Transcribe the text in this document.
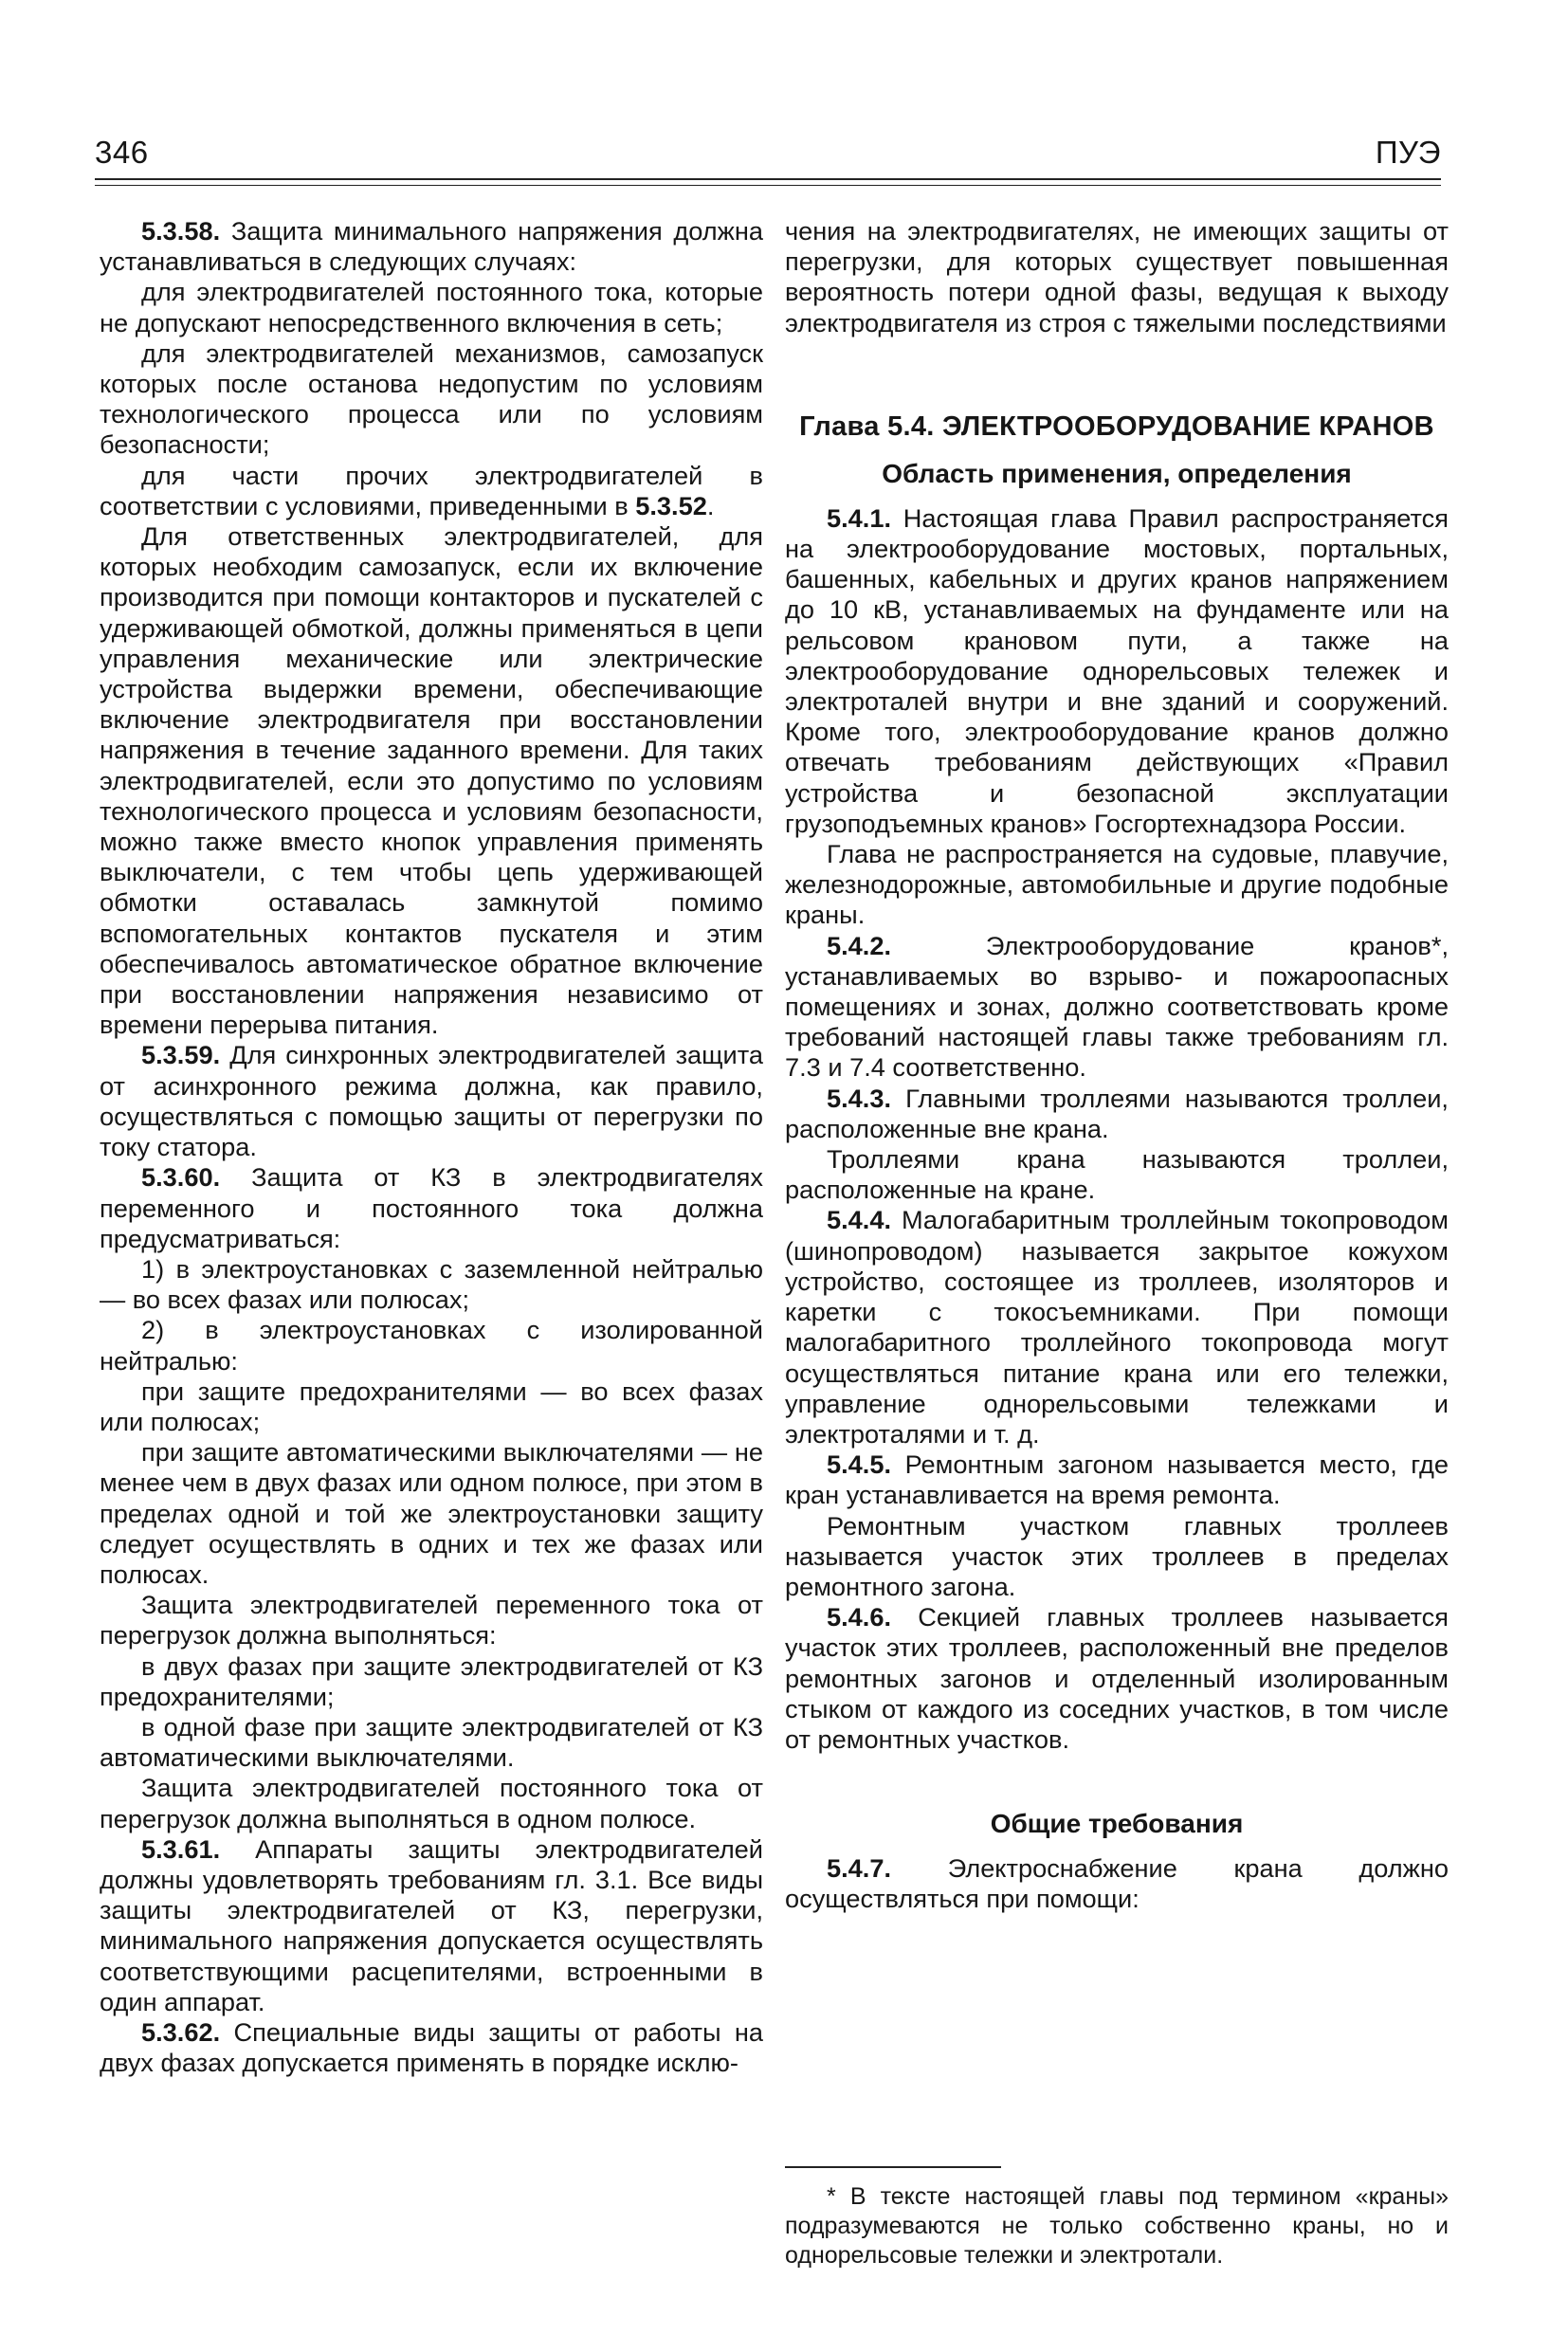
346	ПУЭ

5.3.58. Защита минимального напряжения должна устанавливаться в следующих случаях:

для электродвигателей постоянного тока, которые не допускают непосредственного включения в сеть;

для электродвигателей механизмов, самозапуск которых после останова недопустим по условиям технологического процесса или по условиям безопасности;

для части прочих электродвигателей в соответствии с условиями, приведенными в 5.3.52.

Для ответственных электродвигателей, для которых необходим самозапуск, если их включение производится при помощи контакторов и пускателей с удерживающей обмоткой, должны применяться в цепи управления механические или электрические устройства выдержки времени, обеспечивающие включение электродвигателя при восстановлении напряжения в течение заданного времени. Для таких электродвигателей, если это допустимо по условиям технологического процесса и условиям безопасности, можно также вместо кнопок управления применять выключатели, с тем чтобы цепь удерживающей обмотки оставалась замкнутой помимо вспомогательных контактов пускателя и этим обеспечивалось автоматическое обратное включение при восстановлении напряжения независимо от времени перерыва питания.

5.3.59. Для синхронных электродвигателей защита от асинхронного режима должна, как правило, осуществляться с помощью защиты от перегрузки по току статора.

5.3.60. Защита от КЗ в электродвигателях переменного и постоянного тока должна предусматриваться:

1) в электроустановках с заземленной нейтралью — во всех фазах или полюсах;

2) в электроустановках с изолированной нейтралью:

при защите предохранителями — во всех фазах или полюсах;

при защите автоматическими выключателями — не менее чем в двух фазах или одном полюсе, при этом в пределах одной и той же электроустановки защиту следует осуществлять в одних и тех же фазах или полюсах.

Защита электродвигателей переменного тока от перегрузок должна выполняться:

в двух фазах при защите электродвигателей от КЗ предохранителями;

в одной фазе при защите электродвигателей от КЗ автоматическими выключателями.

Защита электродвигателей постоянного тока от перегрузок должна выполняться в одном полюсе.

5.3.61. Аппараты защиты электродвигателей должны удовлетворять требованиям гл. 3.1. Все виды защиты электродвигателей от КЗ, перегрузки, минимального напряжения допускается осуществлять соответствующими расцепителями, встроенными в один аппарат.

5.3.62. Специальные виды защиты от работы на двух фазах допускается применять в порядке исклю-

чения на электродвигателях, не имеющих защиты от перегрузки, для которых существует повышенная вероятность потери одной фазы, ведущая к выходу электродвигателя из строя с тяжелыми последствиями

Глава 5.4. ЭЛЕКТРООБОРУДОВАНИЕ КРАНОВ
Область применения, определения

5.4.1. Настоящая глава Правил распространяется на электрооборудование мостовых, портальных, башенных, кабельных и других кранов напряжением до 10 кВ, устанавливаемых на фундаменте или на рельсовом крановом пути, а также на электрооборудование однорельсовых тележек и электроталей внутри и вне зданий и сооружений. Кроме того, электрооборудование кранов должно отвечать требованиям действующих «Правил устройства и безопасной эксплуатации грузоподъемных кранов» Госгортехнадзора России.

Глава не распространяется на судовые, плавучие, железнодорожные, автомобильные и другие подобные краны.

5.4.2. Электрооборудование кранов*, устанавливаемых во взрыво- и пожароопасных помещениях и зонах, должно соответствовать кроме требований настоящей главы также требованиям гл. 7.3 и 7.4 соответственно.

5.4.3. Главными троллеями называются троллеи, расположенные вне крана.

Троллеями крана называются троллеи, расположенные на кране.

5.4.4. Малогабаритным троллейным токопроводом (шинопроводом) называется закрытое кожухом устройство, состоящее из троллеев, изоляторов и каретки с токосъемниками. При помощи малогабаритного троллейного токопровода могут осуществляться питание крана или его тележки, управление однорельсовыми тележками и электроталями и т. д.

5.4.5. Ремонтным загоном называется место, где кран устанавливается на время ремонта.

Ремонтным участком главных троллеев называется участок этих троллеев в пределах ремонтного загона.

5.4.6. Секцией главных троллеев называется участок этих троллеев, расположенный вне пределов ремонтных загонов и отделенный изолированным стыком от каждого из соседних участков, в том числе от ремонтных участков.

Общие требования

5.4.7. Электроснабжение крана должно осуществляться при помощи:

* В тексте настоящей главы под термином «краны» подразумеваются не только собственно краны, но и однорельсовые тележки и электротали.
